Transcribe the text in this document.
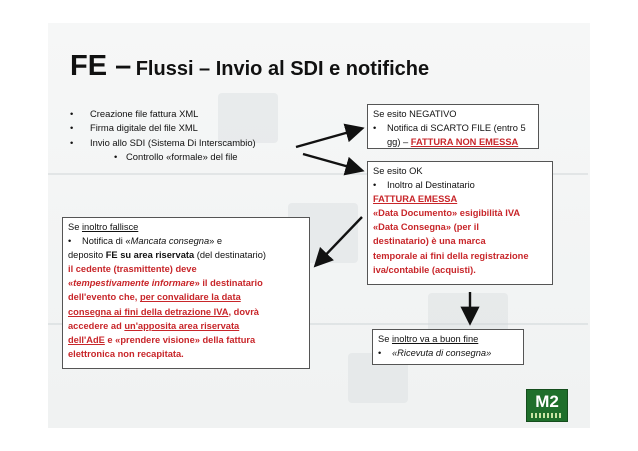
FE – Flussi – Invio al SDI e notifiche
• Creazione file fattura XML
• Firma digitale del file XML
• Invio allo SDI (Sistema Di Interscambio)
• Controllo «formale» del file
Se esito NEGATIVO
• Notifica di SCARTO FILE (entro 5
gg) – FATTURA NON EMESSA
Se esito OK
• Inoltro al Destinatario
FATTURA EMESSA
«Data Documento» esigibilità IVA
«Data Consegna» (per il
destinatario) è una marca
temporale ai fini della registrazione
iva/contabile (acquisti).
Se inoltro fallisce
• Notifica di «Mancata consegna» e
deposito FE su area riservata (del destinatario)
il cedente (trasmittente) deve
«tempestivamente informare» il destinatario
dell'evento che, per convalidare la data
consegna ai fini della detrazione IVA, dovrà
accedere ad un'apposita area riservata
dell'AdE e «prendere visione» della fattura
elettronica non recapitata.
Se inoltro va a buon fine
• «Ricevuta di consegna»
M2
